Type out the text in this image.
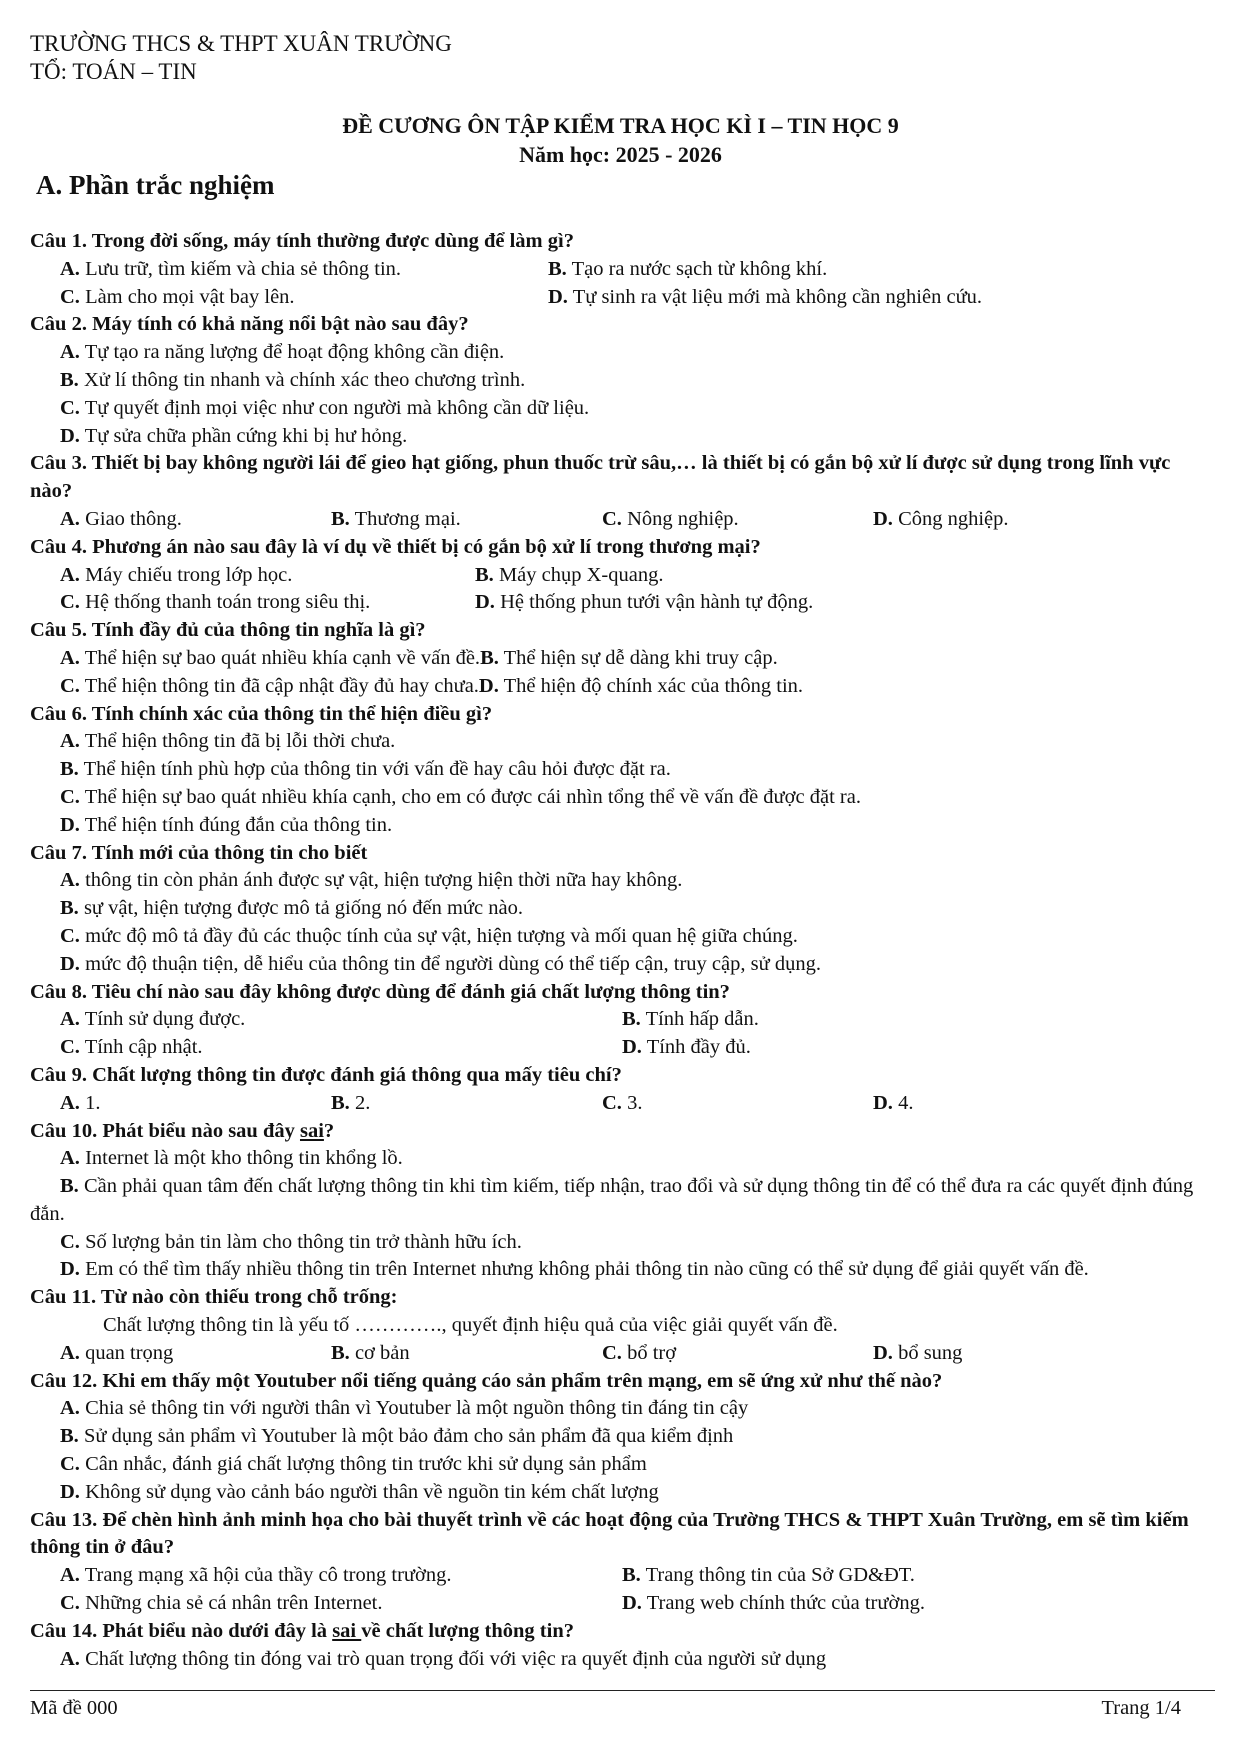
TRƯỜNG THCS & THPT XUÂN TRƯỜNG
TỔ: TOÁN – TIN
ĐỀ CƯƠNG ÔN TẬP KIỂM TRA HỌC KÌ I – TIN HỌC 9
Năm học: 2025 - 2026
A. Phần trắc nghiệm
Câu 1. Trong đời sống, máy tính thường được dùng để làm gì?
A. Lưu trữ, tìm kiếm và chia sẻ thông tin.	B. Tạo ra nước sạch từ không khí.
C. Làm cho mọi vật bay lên.	D. Tự sinh ra vật liệu mới mà không cần nghiên cứu.
Câu 2. Máy tính có khả năng nổi bật nào sau đây?
A. Tự tạo ra năng lượng để hoạt động không cần điện.
B. Xử lí thông tin nhanh và chính xác theo chương trình.
C. Tự quyết định mọi việc như con người mà không cần dữ liệu.
D. Tự sửa chữa phần cứng khi bị hư hỏng.
Câu 3. Thiết bị bay không người lái để gieo hạt giống, phun thuốc trừ sâu,… là thiết bị có gắn bộ xử lí được sử dụng trong lĩnh vực nào?
A. Giao thông.	B. Thương mại.	C. Nông nghiệp.	D. Công nghiệp.
Câu 4. Phương án nào sau đây là ví dụ về thiết bị có gắn bộ xử lí trong thương mại?
A. Máy chiếu trong lớp học.	B. Máy chụp X-quang.
C. Hệ thống thanh toán trong siêu thị.	D. Hệ thống phun tưới vận hành tự động.
Câu 5. Tính đầy đủ của thông tin nghĩa là gì?
A. Thể hiện sự bao quát nhiều khía cạnh về vấn đề. B. Thể hiện sự dễ dàng khi truy cập.
C. Thể hiện thông tin đã cập nhật đầy đủ hay chưa. D. Thể hiện độ chính xác của thông tin.
Câu 6. Tính chính xác của thông tin thể hiện điều gì?
A. Thể hiện thông tin đã bị lỗi thời chưa.
B. Thể hiện tính phù hợp của thông tin với vấn đề hay câu hỏi được đặt ra.
C. Thể hiện sự bao quát nhiều khía cạnh, cho em có được cái nhìn tổng thể về vấn đề được đặt ra.
D. Thể hiện tính đúng đắn của thông tin.
Câu 7. Tính mới của thông tin cho biết
A. thông tin còn phản ánh được sự vật, hiện tượng hiện thời nữa hay không.
B. sự vật, hiện tượng được mô tả giống nó đến mức nào.
C. mức độ mô tả đầy đủ các thuộc tính của sự vật, hiện tượng và mối quan hệ giữa chúng.
D. mức độ thuận tiện, dễ hiểu của thông tin để người dùng có thể tiếp cận, truy cập, sử dụng.
Câu 8. Tiêu chí nào sau đây không được dùng để đánh giá chất lượng thông tin?
A. Tính sử dụng được.	B. Tính hấp dẫn.
C. Tính cập nhật.	D. Tính đầy đủ.
Câu 9. Chất lượng thông tin được đánh giá thông qua mấy tiêu chí?
A. 1.	B. 2.	C. 3.	D. 4.
Câu 10. Phát biểu nào sau đây sai?
A. Internet là một kho thông tin khổng lồ.
B. Cần phải quan tâm đến chất lượng thông tin khi tìm kiếm, tiếp nhận, trao đổi và sử dụng thông tin để có thể đưa ra các quyết định đúng đắn.
C. Số lượng bản tin làm cho thông tin trở thành hữu ích.
D. Em có thể tìm thấy nhiều thông tin trên Internet nhưng không phải thông tin nào cũng có thể sử dụng để giải quyết vấn đề.
Câu 11. Từ nào còn thiếu trong chỗ trống:
Chất lượng thông tin là yếu tố …………., quyết định hiệu quả của việc giải quyết vấn đề.
A. quan trọng	B. cơ bản	C. bổ trợ	D. bổ sung
Câu 12. Khi em thấy một Youtuber nổi tiếng quảng cáo sản phẩm trên mạng, em sẽ ứng xử như thế nào?
A. Chia sẻ thông tin với người thân vì Youtuber là một nguồn thông tin đáng tin cậy
B. Sử dụng sản phẩm vì Youtuber là một bảo đảm cho sản phẩm đã qua kiểm định
C. Cân nhắc, đánh giá chất lượng thông tin trước khi sử dụng sản phẩm
D. Không sử dụng vào cảnh báo người thân về nguồn tin kém chất lượng
Câu 13. Để chèn hình ảnh minh họa cho bài thuyết trình về các hoạt động của Trường THCS & THPT Xuân Trường, em sẽ tìm kiếm thông tin ở đâu?
A. Trang mạng xã hội của thầy cô trong trường.	B. Trang thông tin của Sở GD&ĐT.
C. Những chia sẻ cá nhân trên Internet.	D. Trang web chính thức của trường.
Câu 14. Phát biểu nào dưới đây là sai về chất lượng thông tin?
A. Chất lượng thông tin đóng vai trò quan trọng đối với việc ra quyết định của người sử dụng
Mã đề 000	Trang 1/4
